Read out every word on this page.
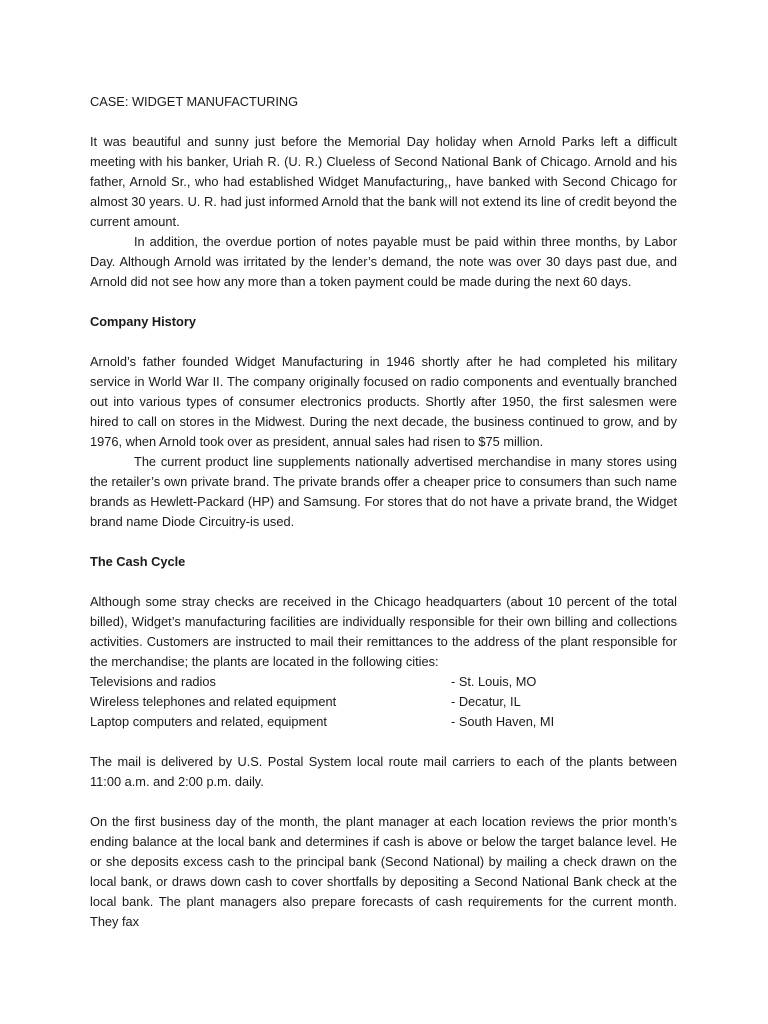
CASE: WIDGET MANUFACTURING

It was beautiful and sunny just before the Memorial Day holiday when Arnold Parks left a difficult meeting with his banker, Uriah R. (U. R.) Clueless of Second National Bank of Chicago. Arnold and his father, Arnold Sr., who had established Widget Manufacturing,, have banked with Second Chicago for almost 30 years. U. R. had just informed Arnold that the bank will not extend its line of credit beyond the current amount.

In addition, the overdue portion of notes payable must be paid within three months, by Labor Day. Although Arnold was irritated by the lender’s demand, the note was over 30 days past due, and Arnold did not see how any more than a token payment could be made during the next 60 days.

Company History

Arnold’s father founded Widget Manufacturing in 1946 shortly after he had completed his military service in World War II. The company originally focused on radio components and eventually branched out into various types of consumer electronics products. Shortly after 1950, the first salesmen were hired to call on stores in the Midwest. During the next decade, the business continued to grow, and by 1976, when Arnold took over as president, annual sales had risen to $75 million.

The current product line supplements nationally advertised merchandise in many stores using the retailer’s own private brand. The private brands offer a cheaper price to consumers than such name brands as Hewlett-Packard (HP) and Samsung. For stores that do not have a private brand, the Widget brand name Diode Circuitry-is used.

The Cash Cycle

Although some stray checks are received in the Chicago headquarters (about 10 percent of the total billed), Widget’s manufacturing facilities are individually responsible for their own billing and collections activities. Customers are instructed to mail their remittances to the address of the plant responsible for the merchandise; the plants are located in the following cities:

Televisions and radios	- St. Louis, MO
Wireless telephones and related equipment	- Decatur, IL
Laptop computers and related, equipment	- South Haven, MI

The mail is delivered by U.S. Postal System local route mail carriers to each of the plants between 11:00 a.m. and 2:00 p.m. daily.

On the first business day of the month, the plant manager at each location reviews the prior month’s ending balance at the local bank and determines if cash is above or below the target balance level. He or she deposits excess cash to the principal bank (Second National) by mailing a check drawn on the local bank, or draws down cash to cover shortfalls by depositing a Second National Bank check at the local bank. The plant managers also prepare forecasts of cash requirements for the current month. They fax
